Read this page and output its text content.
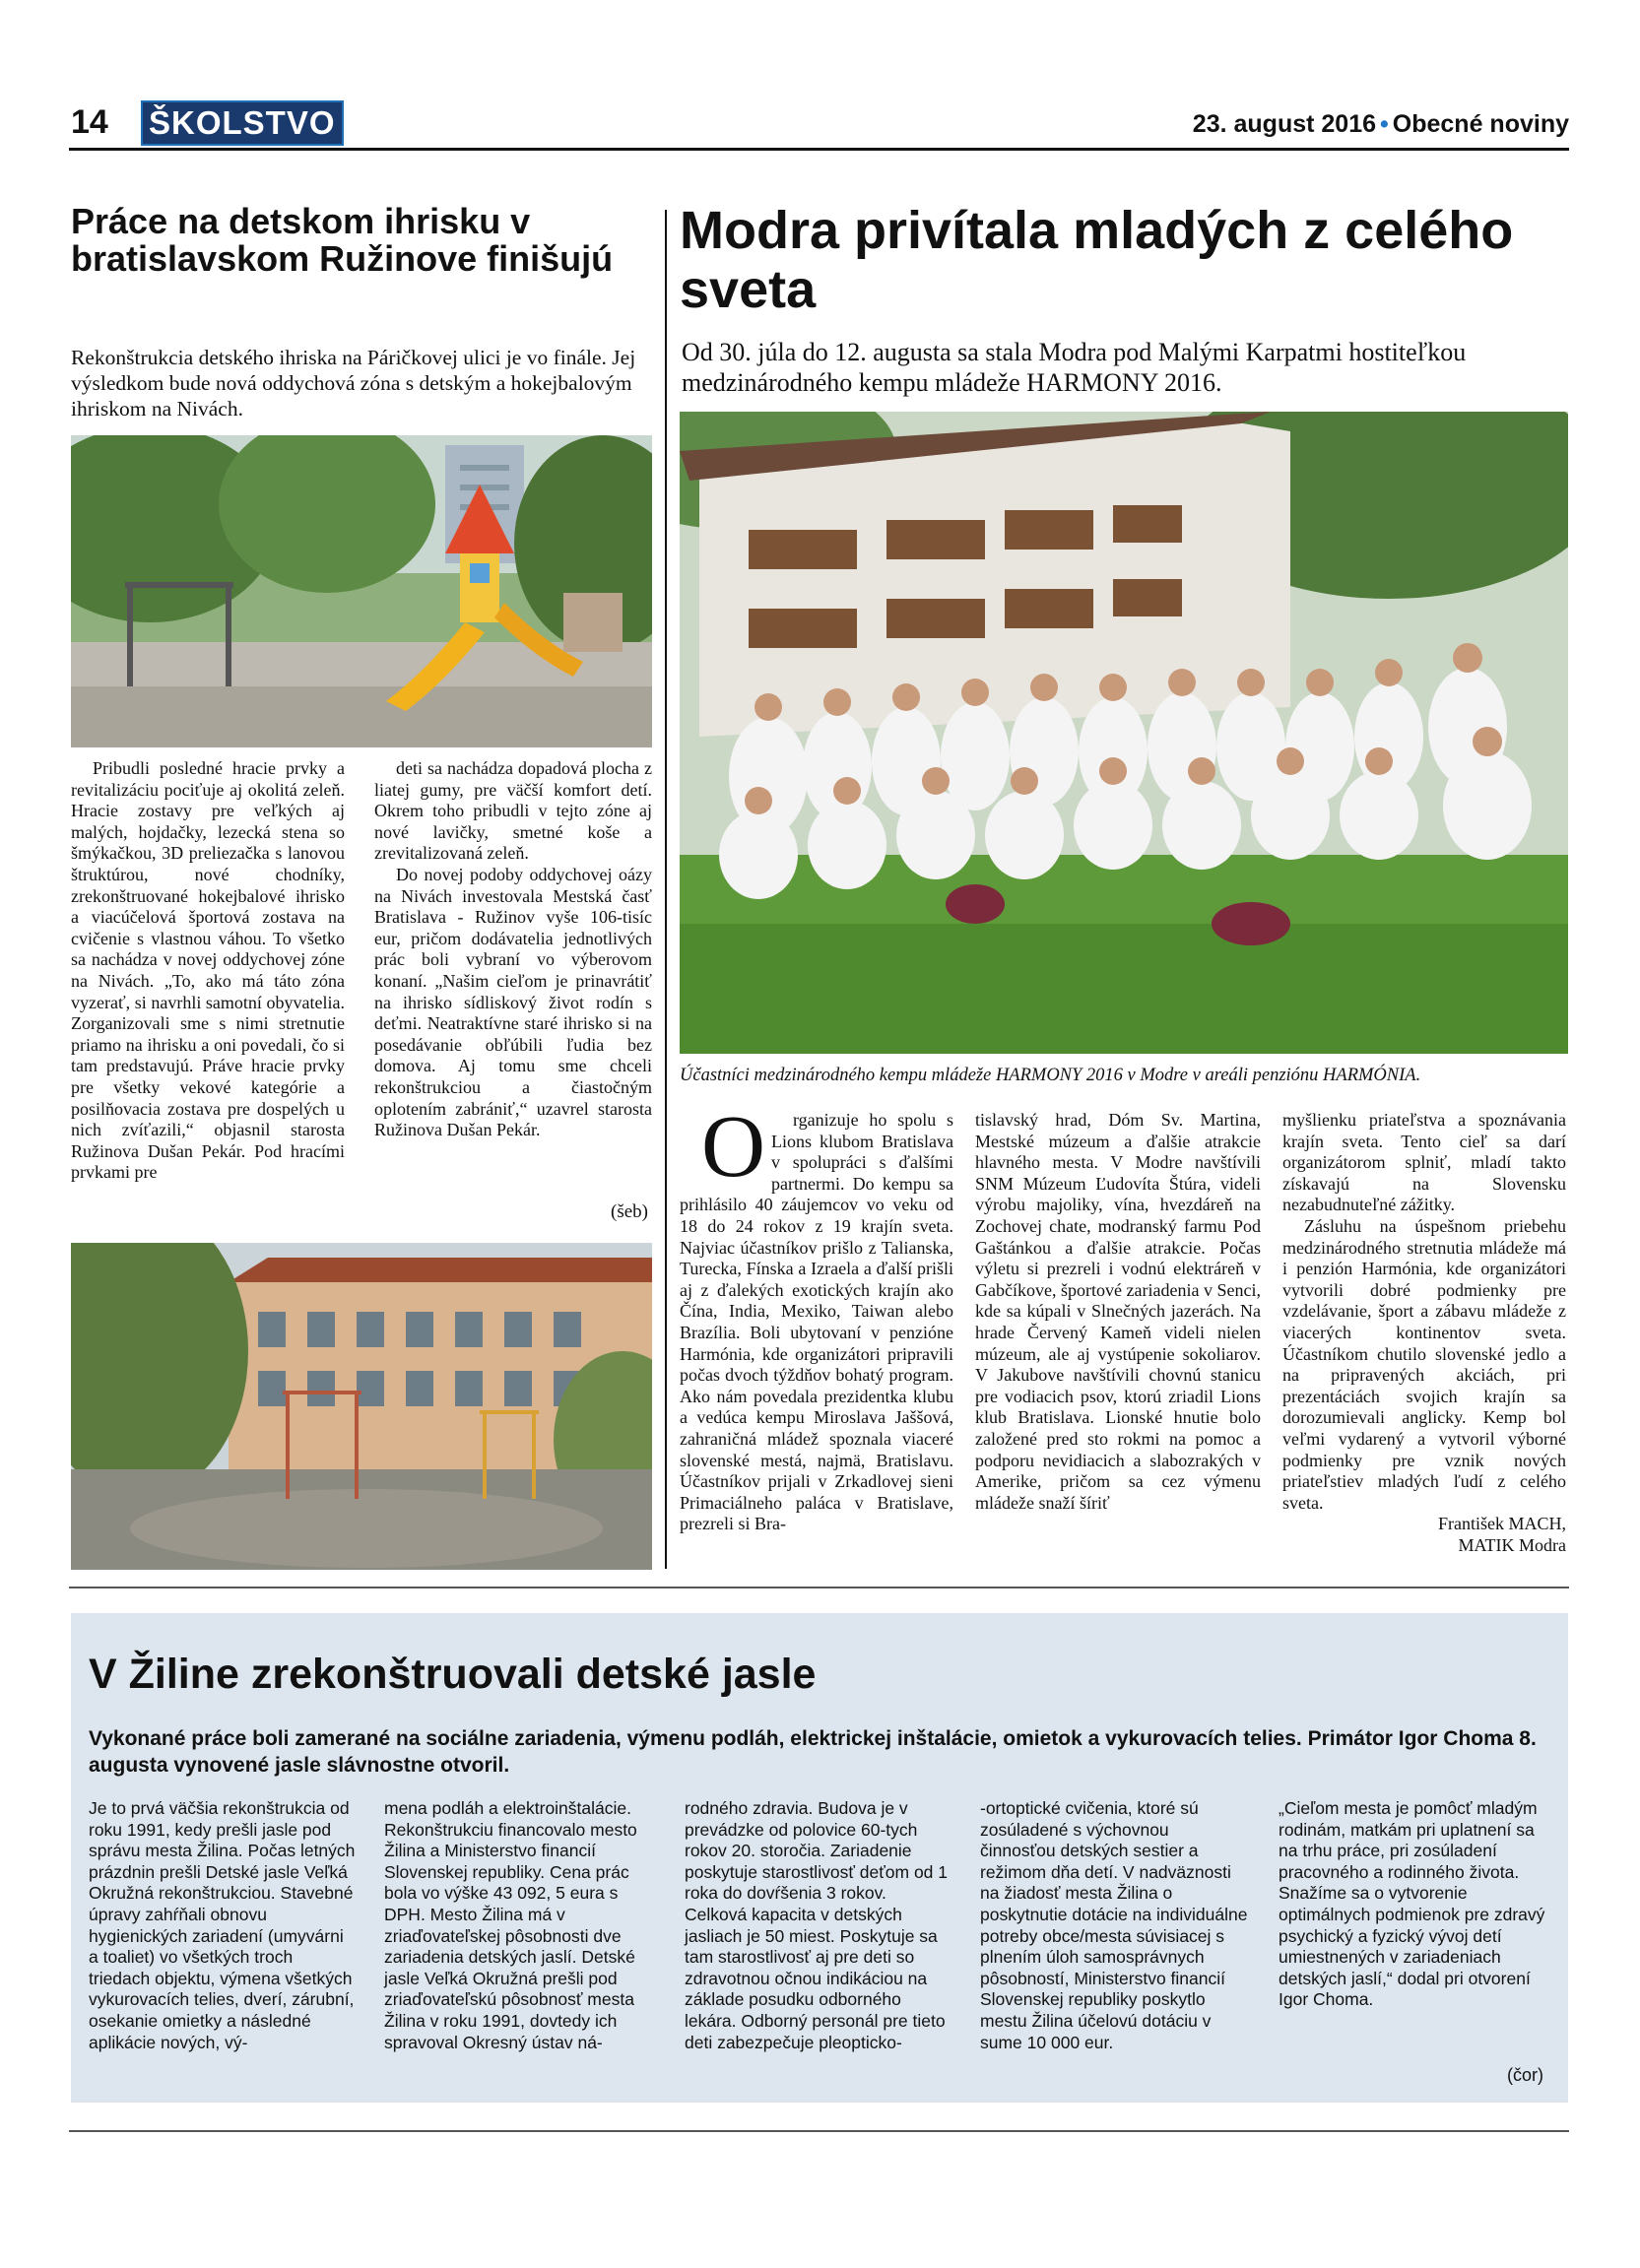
14 ŠKOLSTVO	23. august 2016 • Obecné noviny
Práce na detskom ihrisku v bratislavskom Ružinove finišujú
Rekonštrukcia detského ihriska na Páričkovej ulici je vo finále. Jej výsledkom bude nová oddychová zóna s detským a hokejbalovým ihriskom na Nivách.
Pribudli posledné hracie prvky a revitalizáciu pociťuje aj okolitá zeleň. Hracie zostavy pre veľkých aj malých, hojdačky, lezecká stena so šmýkačkou, 3D preliezačka s lanovou štruktúrou, nové chodníky, zrekonštruované hokejbalové ihrisko a viacúčelová športová zostava na cvičenie s vlastnou váhou. To všetko sa nachádza v novej oddychovej zóne na Nivách. „To, ako má táto zóna vyzerať, si navrhli samotní obyvatelia. Zorganizovali sme s nimi stretnutie priamo na ihrisku a oni povedali, čo si tam predstavujú. Práve hracie prvky pre všetky vekové kategórie a posilňovacia zostava pre dospelých u nich zvíťazili,“ objasnil starosta Ružinova Dušan Pekár. Pod hracími prvkami pre

deti sa nachádza dopadová plocha z liatej gumy, pre väčší komfort detí. Okrem toho pribudli v tejto zóne aj nové lavičky, smetné koše a zrevitalizovaná zeleň.

Do novej podoby oddychovej oázy na Nivách investovala Mestská časť Bratislava - Ružinov vyše 106-tisíc eur, pričom dodávatelia jednotlivých prác boli vybraní vo výberovom konaní. „Našim cieľom je prinavrátiť na ihrisko sídliskový život rodín s deťmi. Neatraktívne staré ihrisko si na posedávanie obľúbili ľudia bez domova. Aj tomu sme chceli rekonštrukciou a čiastočným oplotením zabrániť,“ uzavrel starosta Ružinova Dušan Pekár.

(šeb)
Modra privítala mladých z celého sveta
Od 30. júla do 12. augusta sa stala Modra pod Malými Karpatmi hostiteľkou medzinárodného kempu mládeže HARMONY 2016.
Účastníci medzinárodného kempu mládeže HARMONY 2016 v Modre v areáli penziónu HARMÓNIA.
O rganizuje ho spolu s Lions klubom Bratislava v spolupráci s ďalšími partnermi. Do kempu sa prihlásilo 40 záujemcov vo veku od 18 do 24 rokov z 19 krajín sveta. Najviac účastníkov prišlo z Talianska, Turecka, Fínska a Izraela a ďalší prišli aj z ďalekých exotických krajín ako Čína, India, Mexiko, Taiwan alebo Brazília. Boli ubytovaní v penzióne Harmónia, kde organizátori pripravili počas dvoch týždňov bohatý program. Ako nám povedala prezidentka klubu a vedúca kempu Miroslava Jaššová, zahraničná mládež spoznala viaceré slovenské mestá, najmä, Bratislavu. Účastníkov prijali v Zrkadlovej sieni Primaciálneho paláca v Bratislave, prezreli si Bra-
tislavský hrad, Dóm Sv. Martina, Mestské múzeum a ďalšie atrakcie hlavného mesta. V Modre navštívili SNM Múzeum Ľudovíta Štúra, videli výrobu majoliky, vína, hvezdáreň na Zochovej chate, modranský farmu Pod Gaštánkou a ďalšie atrakcie. Počas výletu si prezreli i vodnú elektráreň v Gabčíkove, športové zariadenia v Senci, kde sa kúpali v Slnečných jazerách. Na hrade Červený Kameň videli nielen múzeum, ale aj vystúpenie sokoliarov. V Jakubove navštívili chovnú stanicu pre vodiacich psov, ktorú zriadil Lions klub Bratislava. Lionské hnutie bolo založené pred sto rokmi na pomoc a podporu nevidiacich a slabozrakých v Amerike, pričom sa cez výmenu mládeže snaží šíriť

myšlienku priateľstva a spoznávania krajín sveta. Tento cieľ sa darí organizátorom splniť, mladí takto získavajú na Slovensku nezabudnuteľné zážitky.

Zásluhu na úspešnom priebehu medzinárodného stretnutia mládeže má i penzión Harmónia, kde organizátori vytvorili dobré podmienky pre vzdelávanie, šport a zábavu mládeže z viacerých kontinentov sveta. Účastníkom chutilo slovenské jedlo a na pripravených akciách, pri prezentáciách svojich krajín sa dorozumievali anglicky. Kemp bol veľmi vydarený a vytvoril výborné podmienky pre vznik nových priateľstiev mladých ľudí z celého sveta.

František MACH,

MATIK Modra

V Žiline zrekonštruovali detské jasle
Vykonané práce boli zamerané na sociálne zariadenia, výmenu podláh, elektrickej inštalácie, omietok a vykurovacích telies. Primátor Igor Choma 8. augusta vynovené jasle slávnostne otvoril.
Je to prvá väčšia rekonštrukcia od roku 1991, kedy prešli jasle pod správu mesta Žilina. Počas letných prázdnin prešli Detské jasle Veľká Okružná rekonštrukciou. Stavebné úpravy zahŕňali obnovu hygienických zariadení (umyvárni a toaliet) vo všetkých troch triedach objektu, výmena všetkých vykurovacích telies, dverí, zárubní, osekanie omietky a následné aplikácie nových, vý-
mena podláh a elektroinštalácie. Rekonštrukciu financovalo mesto Žilina a Ministerstvo financií Slovenskej republiky. Cena prác bola vo výške 43 092, 5 eura s DPH. Mesto Žilina má v zriaďovateľskej pôsobnosti dve zariadenia detských jaslí. Detské jasle Veľká Okružná prešli pod zriaďovateľskú pôsobnosť mesta Žilina v roku 1991, dovtedy ich spravoval Okresný ústav ná-
rodného zdravia. Budova je v prevádzke od polovice 60-tych rokov 20. storočia. Zariadenie poskytuje starostlivosť deťom od 1 roka do dovŕšenia 3 rokov. Celková kapacita v detských jasliach je 50 miest. Poskytuje sa tam starostlivosť aj pre deti so zdravotnou očnou indikáciou na základe posudku odborného lekára. Odborný personál pre tieto deti zabezpečuje pleopticko-
-ortoptické cvičenia, ktoré sú zosúladené s výchovnou činnosťou detských sestier a režimom dňa detí. V nadväznosti na žiadosť mesta Žilina o poskytnutie dotácie na individuálne potreby obce/mesta súvisiacej s plnením úloh samosprávnych pôsobností, Ministerstvo financií Slovenskej republiky poskytlo mestu Žilina účelovú dotáciu v sume 10 000 eur.
„Cieľom mesta je pomôcť mladým rodinám, matkám pri uplatnení sa na trhu práce, pri zosúladení pracovného a rodinného života. Snažíme sa o vytvorenie optimálnych podmienok pre zdravý psychický a fyzický vývoj detí umiestnených v zariadeniach detských jaslí,“ dodal pri otvorení Igor Choma.
(čor)
